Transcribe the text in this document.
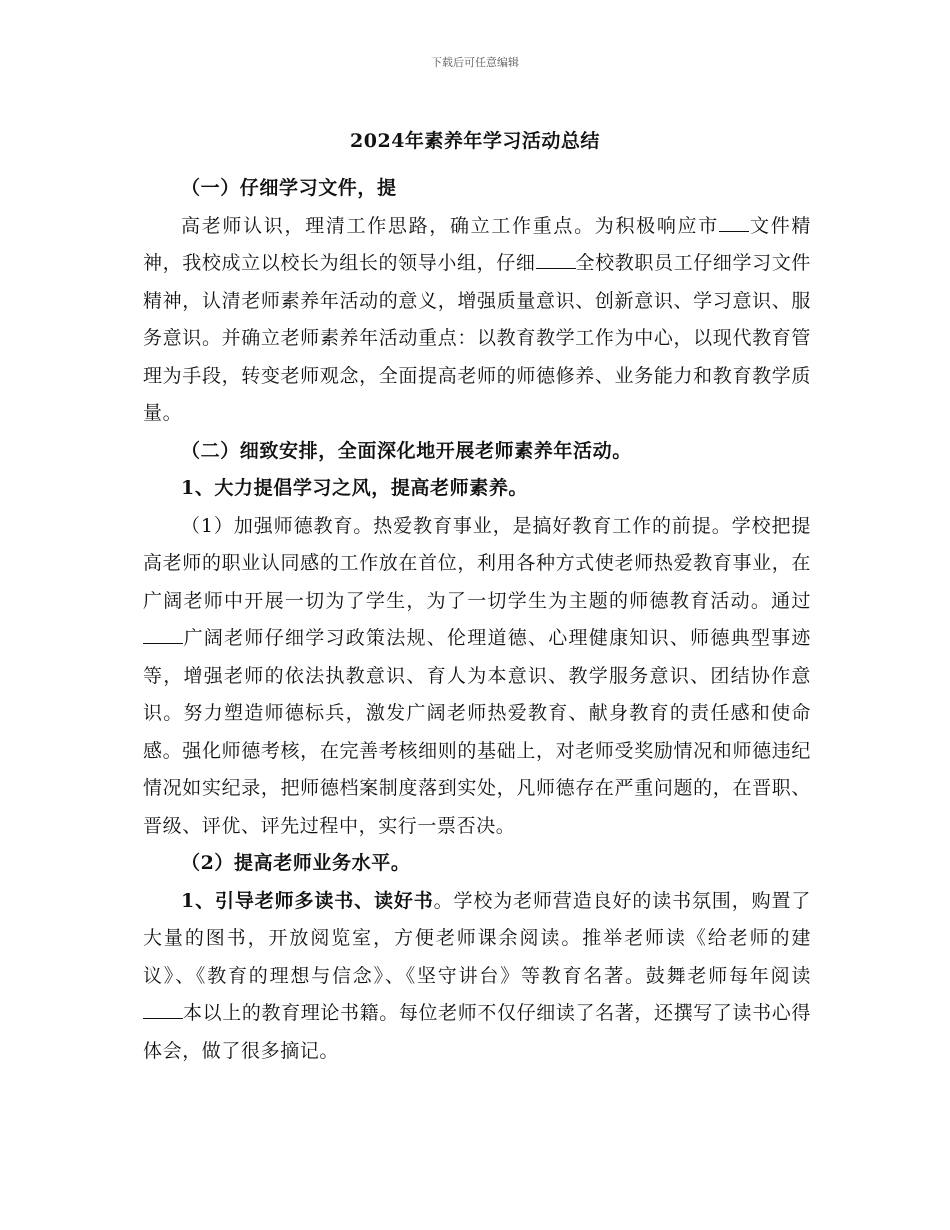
下载后可任意编辑

2024年素养年学习活动总结

（一）仔细学习文件，提

高老师认识，理清工作思路，确立工作重点。为积极响应市 文件精神，我校成立以校长为组长的领导小组，仔细 全校教职员工仔细学习文件精神，认清老师素养年活动的意义，增强质量意识、创新意识、学习意识、服务意识。并确立老师素养年活动重点：以教育教学工作为中心，以现代教育管理为手段，转变老师观念，全面提高老师的师德修养、业务能力和教育教学质量。

（二）细致安排，全面深化地开展老师素养年活动。

1、大力提倡学习之风，提高老师素养。

（1）加强师德教育。热爱教育事业，是搞好教育工作的前提。学校把提高老师的职业认同感的工作放在首位，利用各种方式使老师热爱教育事业，在广阔老师中开展一切为了学生，为了一切学生为主题的师德教育活动。通过广阔老师仔细学习政策法规、伦理道德、心理健康知识、师德典型事迹等，增强老师的依法执教意识、育人为本意识、教学服务意识、团结协作意识。努力塑造师德标兵，激发广阔老师热爱教育、献身教育的责任感和使命感。强化师德考核，在完善考核细则的基础上，对老师受奖励情况和师德违纪情况如实纪录，把师德档案制度落到实处，凡师德存在严重问题的，在晋职、晋级、评优、评先过程中，实行一票否决。

（2）提高老师业务水平。

1、引导老师多读书、读好书。学校为老师营造良好的读书氛围，购置了大量的图书，开放阅览室，方便老师课余阅读。推举老师读《给老师的建议》、《教育的理想与信念》、《坚守讲台》等教育名著。鼓舞老师每年阅读本以上的教育理论书籍。每位老师不仅仔细读了名著，还撰写了读书心得体会，做了很多摘记。
